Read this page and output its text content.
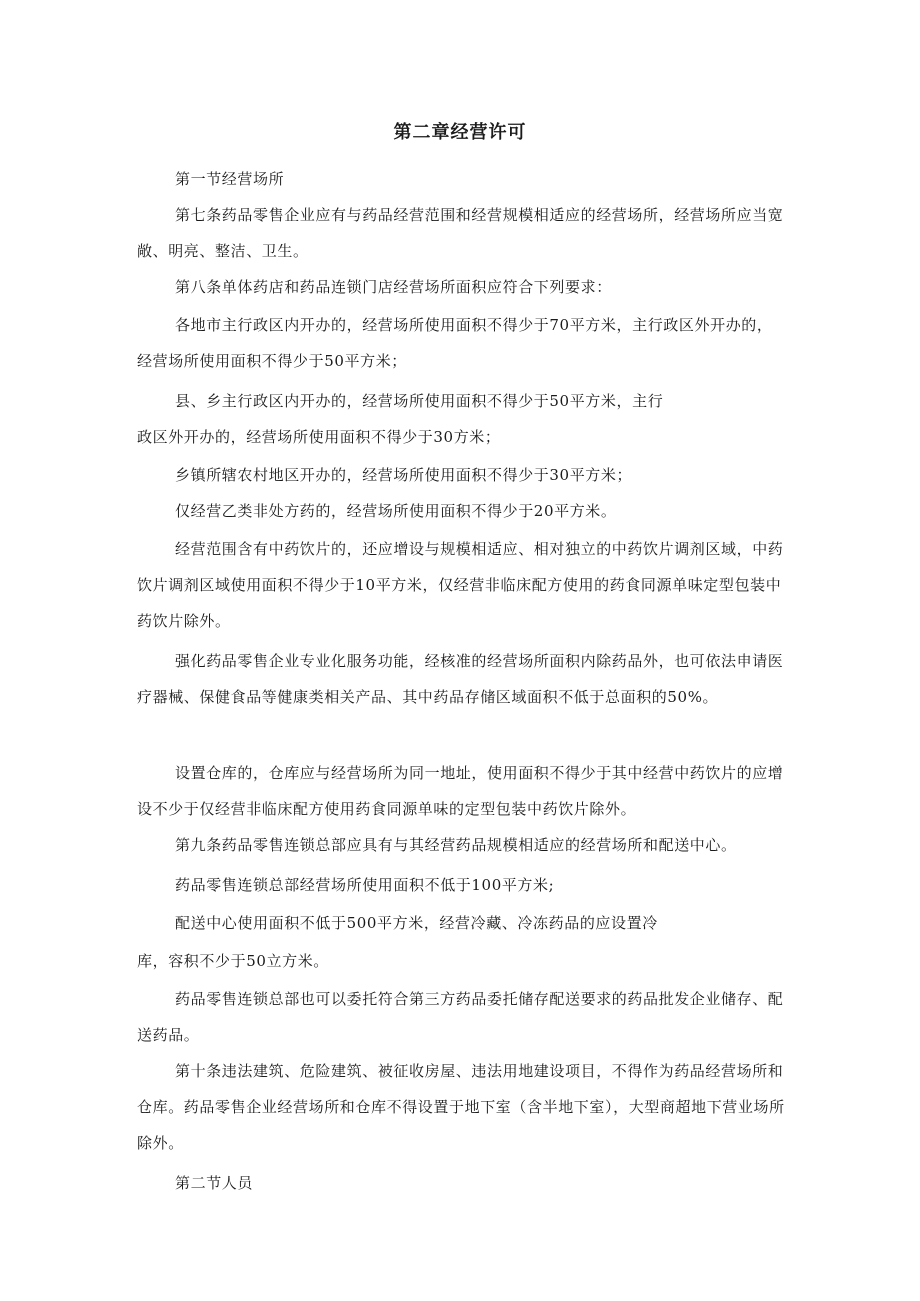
第二章经营许可

第一节经营场所

第七条药品零售企业应有与药品经营范围和经营规模相适应的经营场所，经营场所应当宽敞、明亮、整洁、卫生。

第八条单体药店和药品连锁门店经营场所面积应符合下列要求：

各地市主行政区内开办的，经营场所使用面积不得少于70平方米，主行政区外开办的，经营场所使用面积不得少于50平方米；

县、乡主行政区内开办的，经营场所使用面积不得少于50平方米，主行

政区外开办的，经营场所使用面积不得少于30方米；

乡镇所辖农村地区开办的，经营场所使用面积不得少于30平方米；

仅经营乙类非处方药的，经营场所使用面积不得少于20平方米。

经营范围含有中药饮片的，还应增设与规模相适应、相对独立的中药饮片调剂区域，中药饮片调剂区域使用面积不得少于10平方米，仅经营非临床配方使用的药食同源单味定型包装中药饮片除外。

强化药品零售企业专业化服务功能，经核准的经营场所面积内除药品外，也可依法申请医疗器械、保健食品等健康类相关产品、其中药品存储区域面积不低于总面积的50%。

设置仓库的，仓库应与经营场所为同一地址，使用面积不得少于其中经营中药饮片的应增设不少于仅经营非临床配方使用药食同源单味的定型包装中药饮片除外。

第九条药品零售连锁总部应具有与其经营药品规模相适应的经营场所和配送中心。

药品零售连锁总部经营场所使用面积不低于100平方米;

配送中心使用面积不低于500平方米，经营冷藏、冷冻药品的应设置冷

库，容积不少于50立方米。

药品零售连锁总部也可以委托符合第三方药品委托储存配送要求的药品批发企业储存、配送药品。

第十条违法建筑、危险建筑、被征收房屋、违法用地建设项目，不得作为药品经营场所和仓库。药品零售企业经营场所和仓库不得设置于地下室（含半地下室），大型商超地下营业场所除外。

第二节人员
